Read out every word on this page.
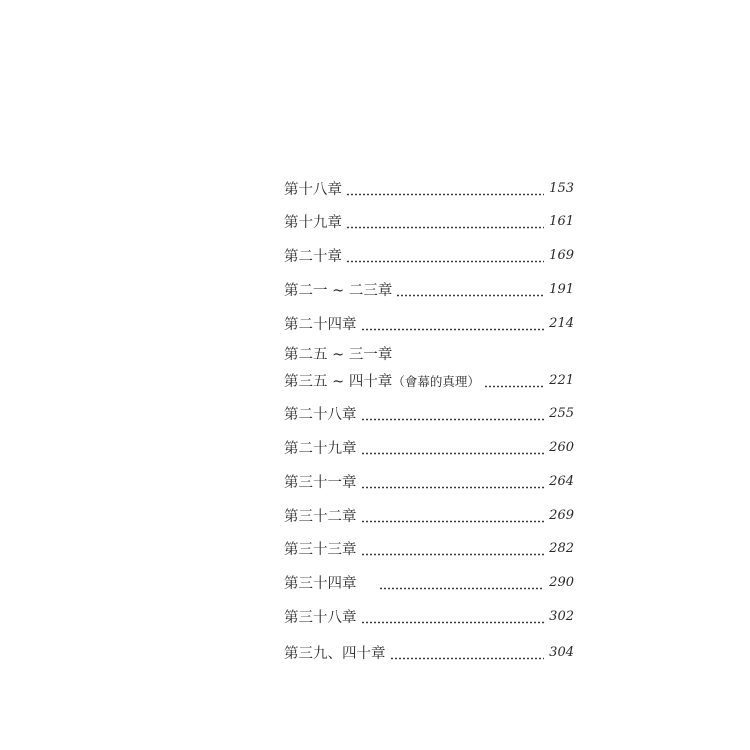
第十八章	153
第十九章	161
第二十章	169
第二一 ~ 二三章	191
第二十四章	214
第二五 ~ 三一章
第三五 ~ 四十章（會幕的真理）	221
第二十八章	255
第二十九章	260
第三十一章	264
第三十二章	269
第三十三章	282
第三十四章	290
第三十八章	302
第三九、四十章	304
